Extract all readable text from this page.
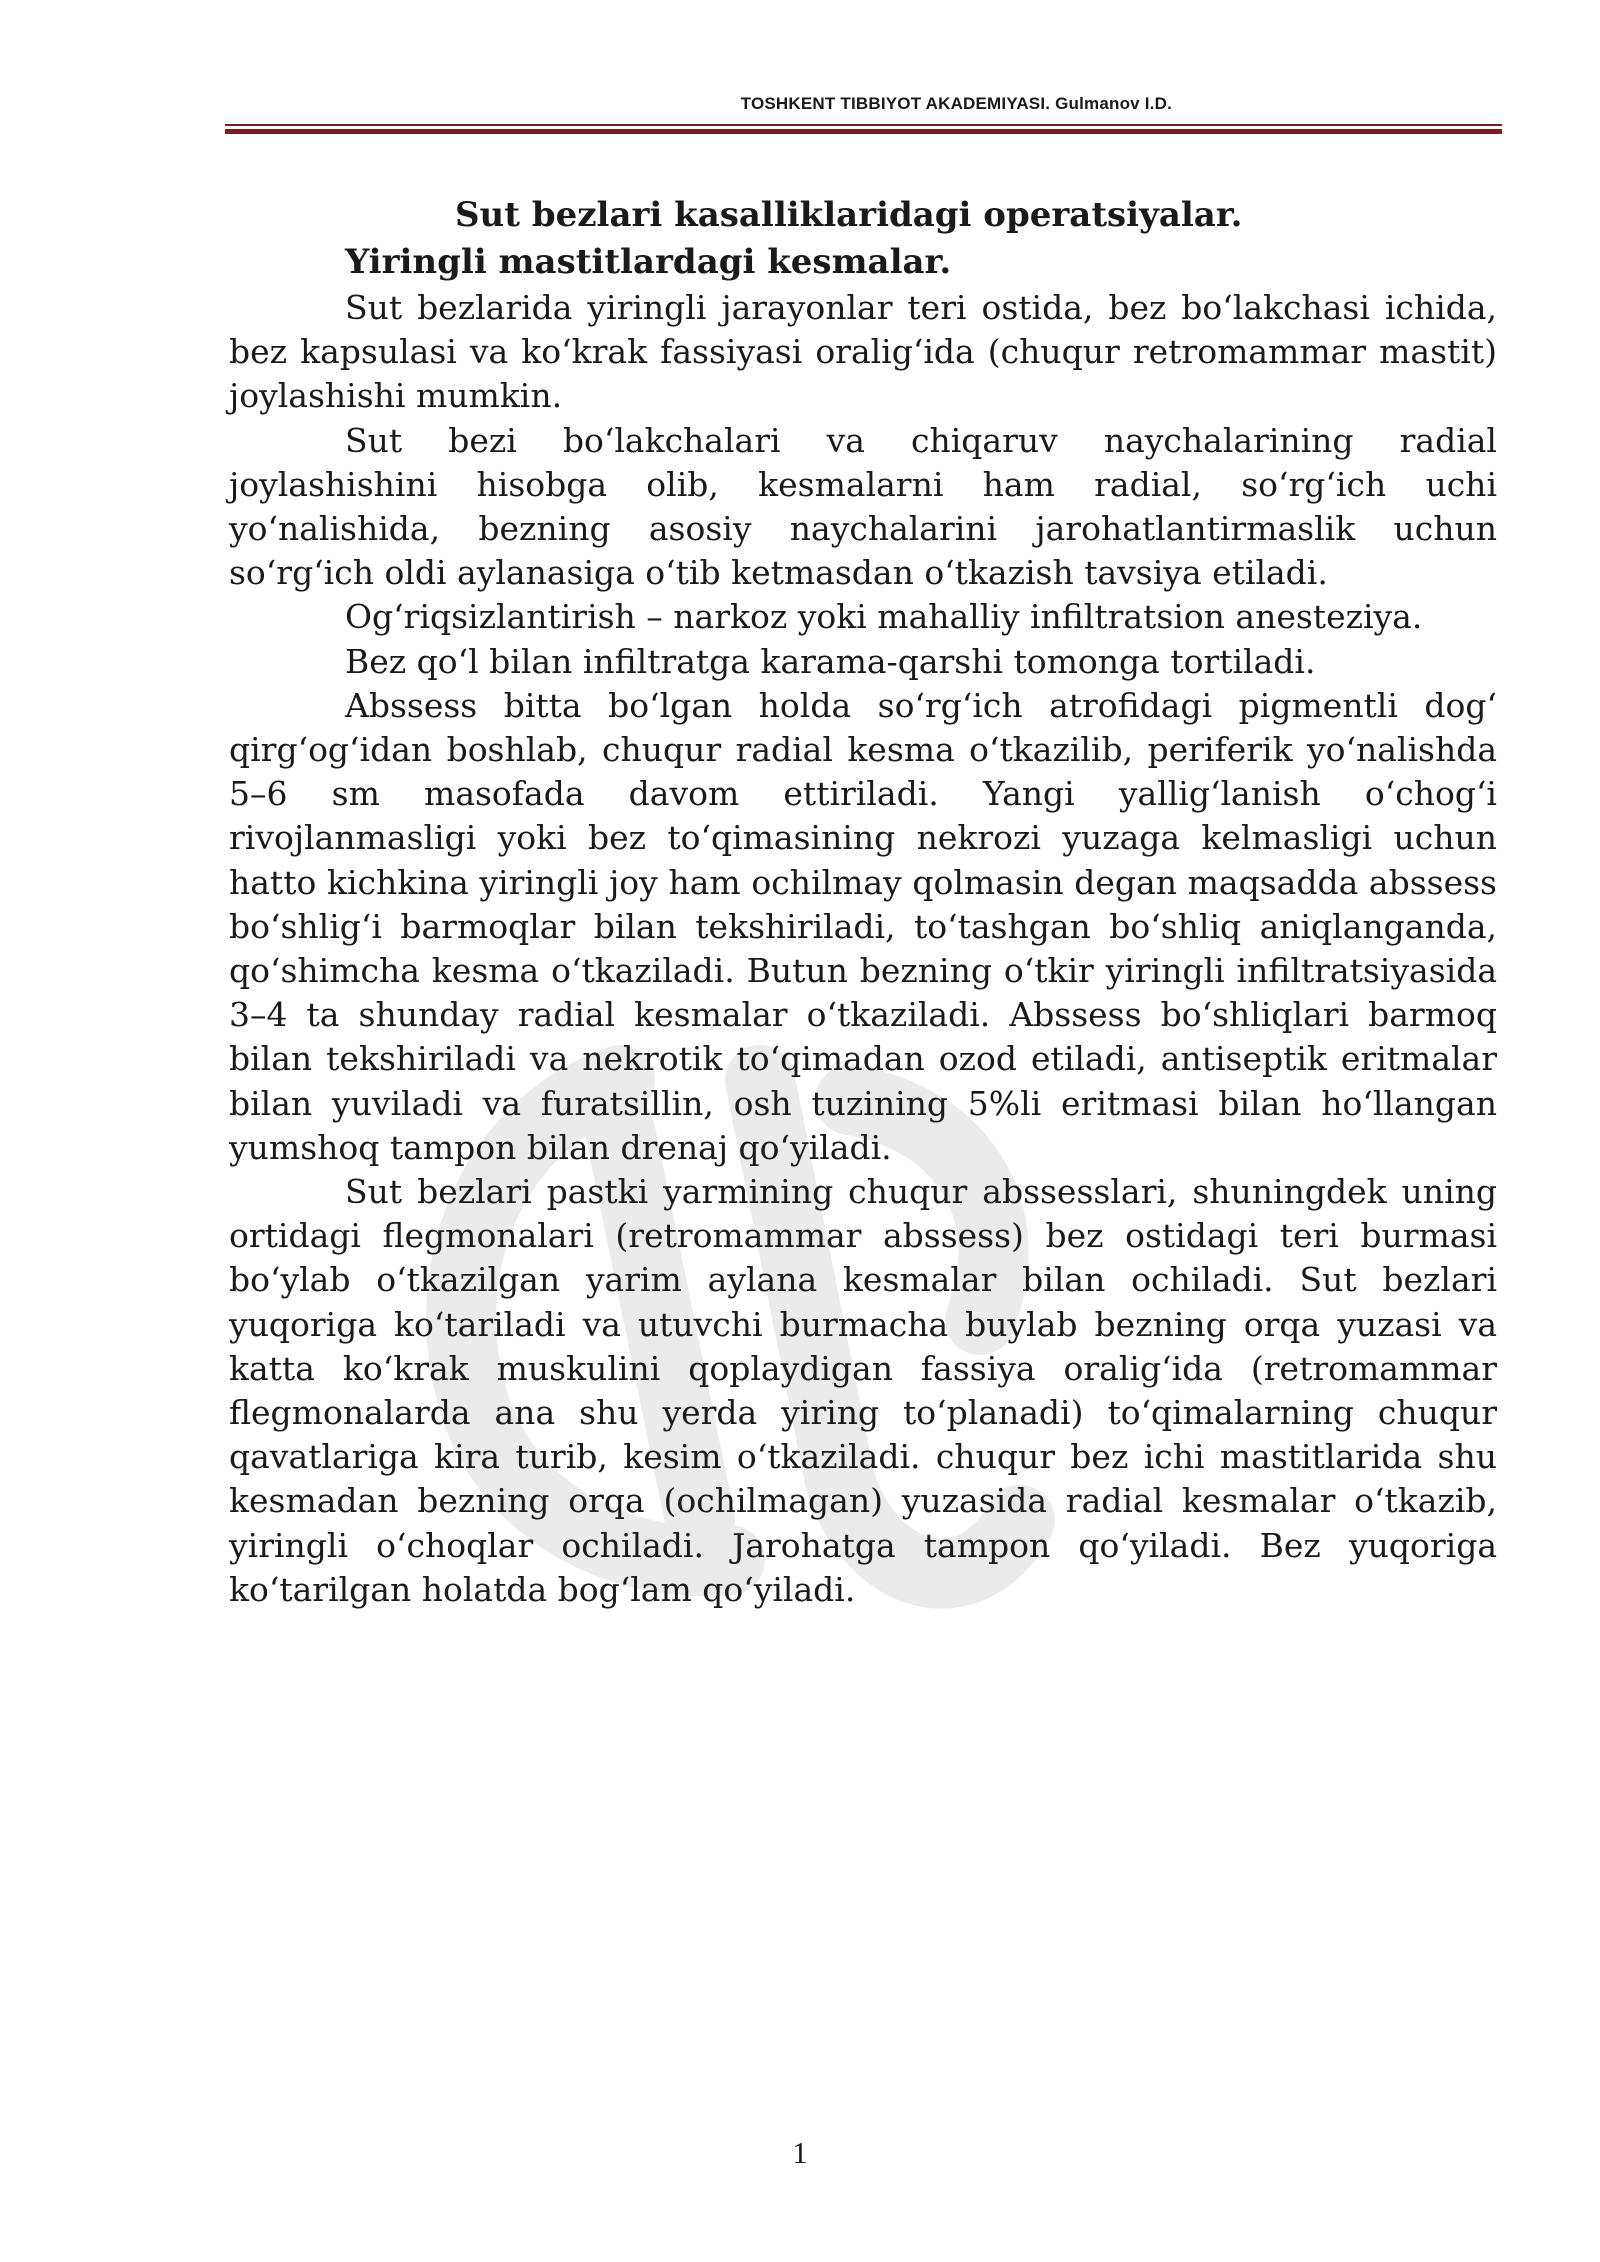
TOSHKENT TIBBIYOT AKADEMIYASI. Gulmanov I.D.
Sut bezlari kasalliklaridagi operatsiyalar.
Yiringli mastitlardagi kesmalar.

Sut bezlarida yiringli jarayonlar teri ostida, bez bo‘lakchasi ichida, bez kapsulasi va ko‘krak fassiyasi oralig‘ida (chuqur retromammar mastit) joylashishi mumkin.

Sut bezi bo‘lakchalari va chiqaruv naychalarining radial joylashishini hisobga olib, kesmalarni ham radial, so‘rg‘ich uchi yo‘nalishida, bezning asosiy naychalarini jarohatlantirmaslik uchun so‘rg‘ich oldi aylanasiga o‘tib ketmasdan o‘tkazish tavsiya etiladi.

Og‘riqsizlantirish – narkoz yoki mahalliy infiltratsion anesteziya.

Bez qo‘l bilan infiltratga karama-qarshi tomonga tortiladi.

Abssess bitta bo‘lgan holda so‘rg‘ich atrofidagi pigmentli dog‘ qirg‘og‘idan boshlab, chuqur radial kesma o‘tkazilib, periferik yo‘nalishda 5–6 sm masofada davom ettiriladi. Yangi yallig‘lanish o‘chog‘i rivojlanmasligi yoki bez to‘qimasining nekrozi yuzaga kelmasligi uchun hatto kichkina yiringli joy ham ochilmay qolmasin degan maqsadda abssess bo‘shlig‘i barmoqlar bilan tekshiriladi, to‘tashgan bo‘shliq aniqlanganda, qo‘shimcha kesma o‘tkaziladi. Butun bezning o‘tkir yiringli infiltratsiyasida 3–4 ta shunday radial kesmalar o‘tkaziladi. Abssess bo‘shliqlari barmoq bilan tekshiriladi va nekrotik to‘qimadan ozod etiladi, antiseptik eritmalar bilan yuviladi va furatsillin, osh tuzining 5%li eritmasi bilan ho‘llangan yumshoq tampon bilan drenaj qo‘yiladi.

Sut bezlari pastki yarmining chuqur abssesslari, shuningdek uning ortidagi flegmonalari (retromammar abssess) bez ostidagi teri burmasi bo‘ylab o‘tkazilgan yarim aylana kesmalar bilan ochiladi. Sut bezlari yuqoriga ko‘tariladi va utuvchi burmacha buylab bezning orqa yuzasi va katta ko‘krak muskulini qoplaydigan fassiya oralig‘ida (retromammar flegmonalarda ana shu yerda yiring to‘planadi) to‘qimalarning chuqur qavatlariga kira turib, kesim o‘tkaziladi. chuqur bez ichi mastitlarida shu kesmadan bezning orqa (ochilmagan) yuzasida radial kesmalar o‘tkazib, yiringli o‘choqlar ochiladi. Jarohatga tampon qo‘yiladi. Bez yuqoriga ko‘tarilgan holatda bog‘lam qo‘yiladi.

1
